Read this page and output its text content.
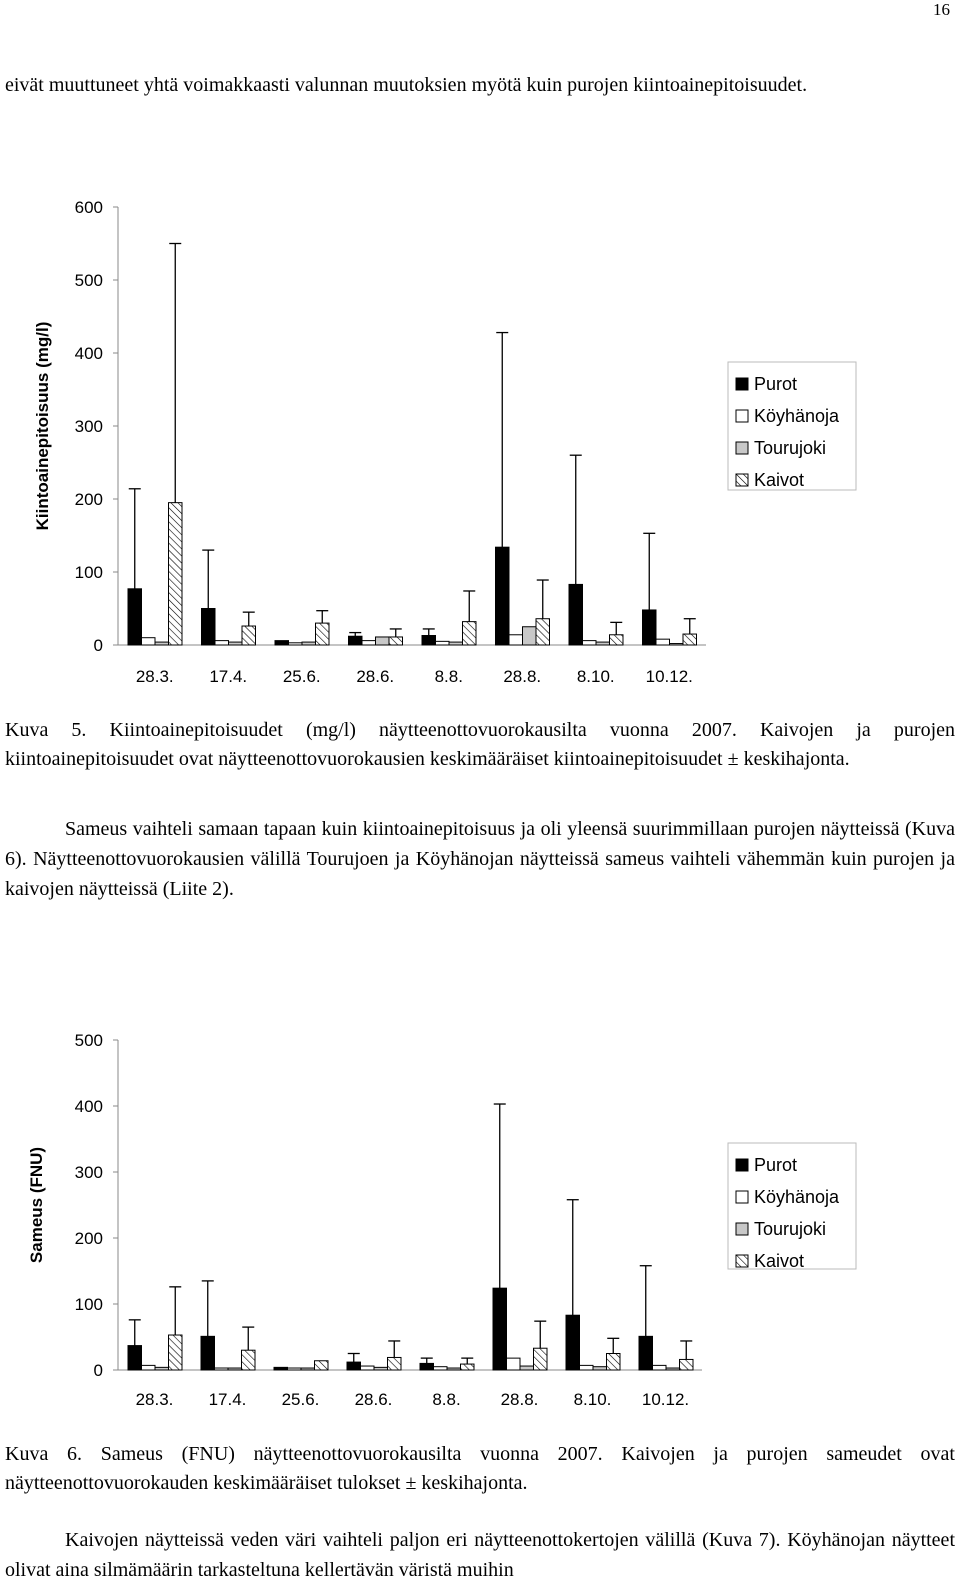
16

eivät muuttuneet yhtä voimakkaasti valunnan muutoksien myötä kuin purojen kiintoainepitoisuudet.

0
100
200
300
400
500
600
Kiintoainepitoisuus (mg/l)
28.3. 17.4. 25.6. 28.6. 8.8. 28.8. 8.10. 10.12.
Purot
Köyhänoja
Tourujoki
Kaivot

Kuva 5. Kiintoainepitoisuudet (mg/l) näytteenottovuorokausilta vuonna 2007. Kaivojen ja purojen kiintoainepitoisuudet ovat näytteenottovuorokausien keskimääräiset kiintoainepitoisuudet ± keskihajonta.

Sameus vaihteli samaan tapaan kuin kiintoainepitoisuus ja oli yleensä suurimmillaan purojen näytteissä (Kuva 6). Näytteenottovuorokausien välillä Tourujoen ja Köyhänojan näytteissä sameus vaihteli vähemmän kuin purojen ja kaivojen näytteissä (Liite 2).

0
100
200
300
400
500
Sameus (FNU)
28.3. 17.4. 25.6. 28.6. 8.8. 28.8. 8.10. 10.12.
Purot
Köyhänoja
Tourujoki
Kaivot

Kuva 6. Sameus (FNU) näytteenottovuorokausilta vuonna 2007. Kaivojen ja purojen sameudet ovat näytteenottovuorokauden keskimääräiset tulokset ± keskihajonta.

Kaivojen näytteissä veden väri vaihteli paljon eri näytteenottokertojen välillä (Kuva 7). Köyhänojan näytteet olivat aina silmämäärin tarkasteltuna kellertävän väristä muihin
